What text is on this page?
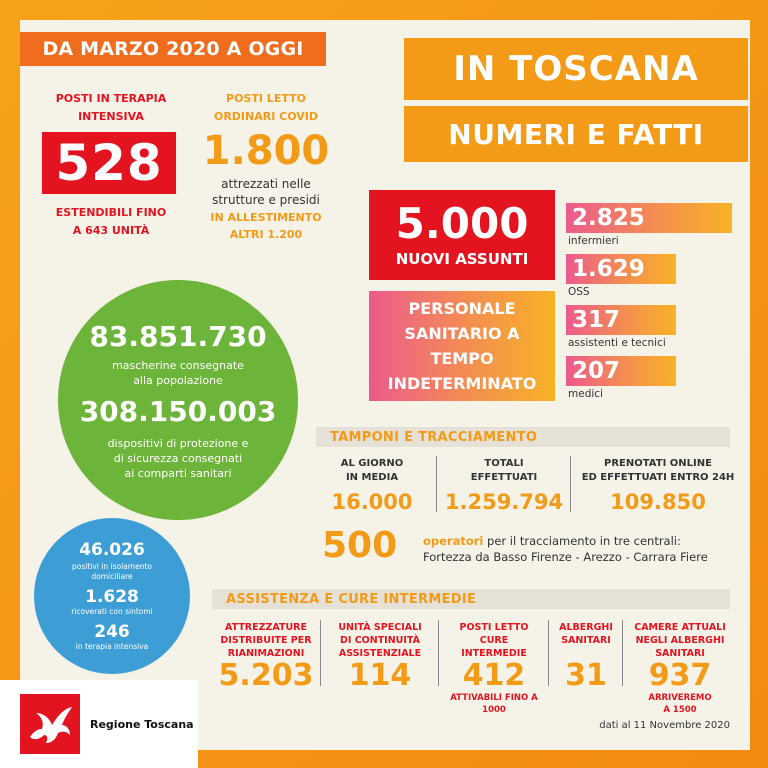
DA MARZO 2020 A OGGI	IN TOSCANA
NUMERI E FATTI
POSTI IN TERAPIA
INTENSIVA
528
ESTENDIBILI FINO
A 643 UNITÀ
POSTI LETTO
ORDINARI COVID
1.800
attrezzati nelle
strutture e presidi
IN ALLESTIMENTO
ALTRI 1.200
83.851.730
mascherine consegnate
alla popolazione
308.150.003
dispositivi di protezione e
di sicurezza consegnati
ai comparti sanitari
5.000
NUOVI ASSUNTI
PERSONALE
SANITARIO A
TEMPO
INDETERMINATO
2.825
infermieri
1.629
OSS
317
assistenti e tecnici
207
medici
TAMPONI E TRACCIAMENTO
AL GIORNO
IN MEDIA
16.000
TOTALI
EFFETTUATI
1.259.794
PRENOTATI ONLINE
ED EFFETTUATI ENTRO 24H
109.850
500 operatori per il tracciamento in tre centrali:
Fortezza da Basso Firenze - Arezzo - Carrara Fiere
46.026
positivi in isolamento
domiciliare
1.628
ricoverati con sintomi
246
in terapia intensiva
ASSISTENZA E CURE INTERMEDIE
ATTREZZATURE
DISTRIBUITE PER
RIANIMAZIONI
5.203
UNITÀ SPECIALI
DI CONTINUITÀ
ASSISTENZIALE
114
POSTI LETTO
CURE
INTERMEDIE
412
ATTIVABILI FINO A
1000
ALBERGHI
SANITARI
31
CAMERE ATTUALI
NEGLI ALBERGHI
SANITARI
937
ARRIVEREMO
A 1500
dati al 11 Novembre 2020
Regione Toscana
